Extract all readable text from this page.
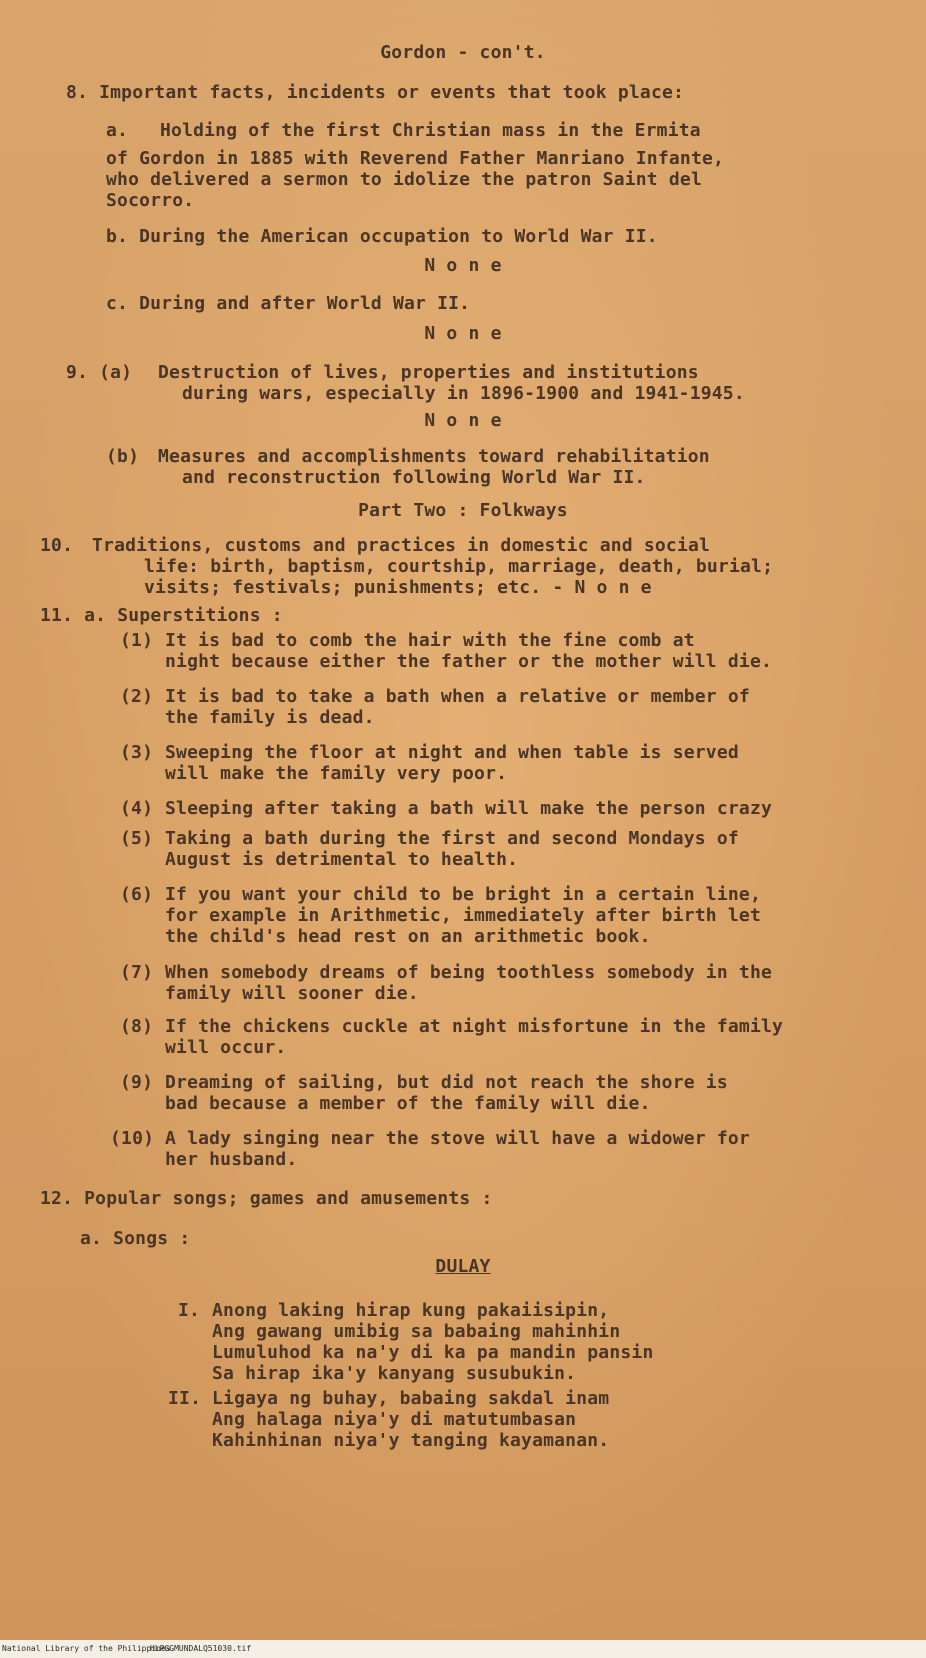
Gordon - con't.
8. Important facts, incidents or events that took place:
a. Holding of the first Christian mass in the Ermita
of Gordon in 1885 with Reverend Father Manriano Infante,
who delivered a sermon to idolize the patron Saint del
Socorro.
b. During the American occupation to World War II.
N o n e
c. During and after World War II.
N o n e
9. (a) Destruction of lives, properties and institutions
during wars, especially in 1896-1900 and 1941-1945.
N o n e
(b) Measures and accomplishments toward rehabilitation
and reconstruction following World War II.
Part Two : Folkways
10. Traditions, customs and practices in domestic and social
life: birth, baptism, courtship, marriage, death, burial;
visits; festivals; punishments; etc. - N o n e
11. a. Superstitions :
(1) It is bad to comb the hair with the fine comb at
night because either the father or the mother will die.
(2) It is bad to take a bath when a relative or member of
the family is dead.
(3) Sweeping the floor at night and when table is served
will make the family very poor.
(4) Sleeping after taking a bath will make the person crazy
(5) Taking a bath during the first and second Mondays of
August is detrimental to health.
(6) If you want your child to be bright in a certain line,
for example in Arithmetic, immediately after birth let
the child's head rest on an arithmetic book.
(7) When somebody dreams of being toothless somebody in the
family will sooner die.
(8) If the chickens cuckle at night misfortune in the family
will occur.
(9) Dreaming of sailing, but did not reach the shore is
bad because a member of the family will die.
(10) A lady singing near the stove will have a widower for
her husband.
12. Popular songs; games and amusements :
a. Songs :
DULAY
I. Anong laking hirap kung pakaiisipin,
Ang gawang umibig sa babaing mahinhin
Lumuluhod ka na'y di ka pa mandin pansin
Sa hirap ika'y kanyang susubukin.
II. Ligaya ng buhay, babaing sakdal inam
Ang halaga niya'y di matutumbasan
Kahinhinan niya'y tanging kayamanan.
National Library of the Philippines
HLPGGMUNDALQ51030.tif
